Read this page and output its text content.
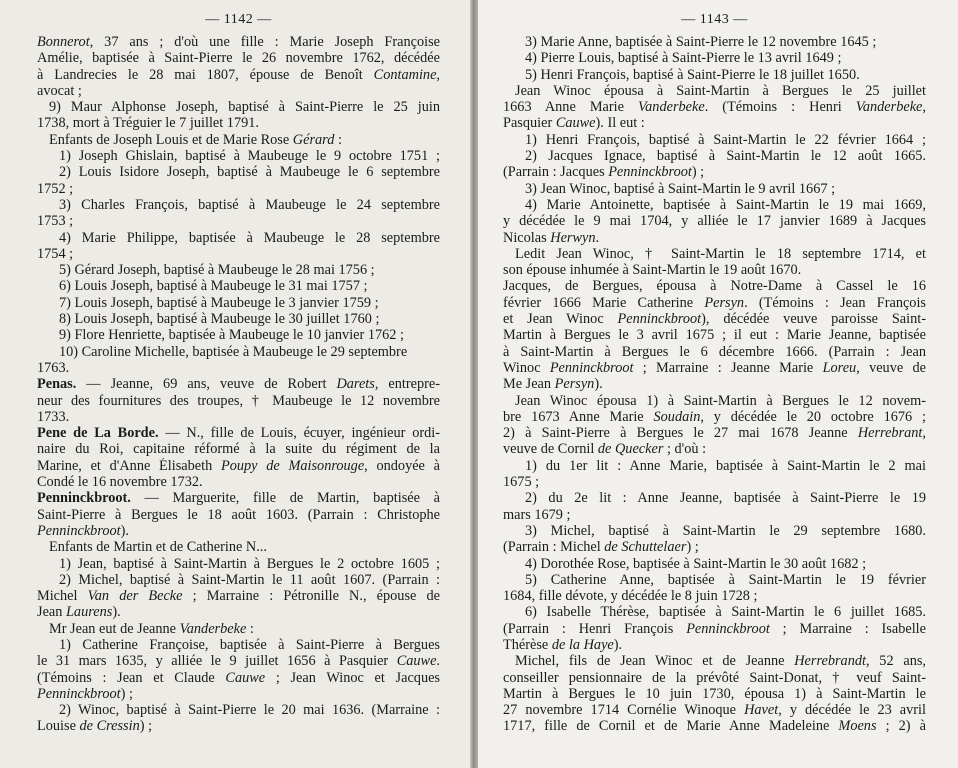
— 1142 —
Bonnerot, 37 ans ; d'où une fille : Marie Joseph Françoise
Amélie, baptisée à Saint-Pierre le 26 novembre 1762, décédée
à Landrecies le 28 mai 1807, épouse de Benoît Contamine,
avocat ;
9) Maur Alphonse Joseph, baptisé à Saint-Pierre le 25 juin
1738, mort à Tréguier le 7 juillet 1791.
Enfants de Joseph Louis et de Marie Rose Gérard :
1) Joseph Ghislain, baptisé à Maubeuge le 9 octobre 1751 ;
2) Louis Isidore Joseph, baptisé à Maubeuge le 6 septembre
1752 ;
3) Charles François, baptisé à Maubeuge le 24 septembre
1753 ;
4) Marie Philippe, baptisée à Maubeuge le 28 septembre
1754 ;
5) Gérard Joseph, baptisé à Maubeuge le 28 mai 1756 ;
6) Louis Joseph, baptisé à Maubeuge le 31 mai 1757 ;
7) Louis Joseph, baptisé à Maubeuge le 3 janvier 1759 ;
8) Louis Joseph, baptisé à Maubeuge le 30 juillet 1760 ;
9) Flore Henriette, baptisée à Maubeuge le 10 janvier 1762 ;
10) Caroline Michelle, baptisée à Maubeuge le 29 septembre
1763.
Penas. — Jeanne, 69 ans, veuve de Robert Darets, entrepre-
neur des fournitures des troupes, † Maubeuge le 12 novembre
1733.
Pene de La Borde. — N., fille de Louis, écuyer, ingénieur ordi-
naire du Roi, capitaine réformé à la suite du régiment de la
Marine, et d'Anne Élisabeth Poupy de Maisonrouge, ondoyée à
Condé le 16 novembre 1732.
Penninckbroot. — Marguerite, fille de Martin, baptisée à
Saint-Pierre à Bergues le 18 août 1603. (Parrain : Christophe
Penninckbroot).
Enfants de Martin et de Catherine N...
1) Jean, baptisé à Saint-Martin à Bergues le 2 octobre 1605 ;
2) Michel, baptisé à Saint-Martin le 11 août 1607. (Parrain :
Michel Van der Becke ; Marraine : Pétronille N., épouse de
Jean Laurens).
Mr Jean eut de Jeanne Vanderbeke :
1) Catherine Françoise, baptisée à Saint-Pierre à Bergues
le 31 mars 1635, y alliée le 9 juillet 1656 à Pasquier Cauwe.
(Témoins : Jean et Claude Cauwe ; Jean Winoc et Jacques
Penninckbroot) ;
2) Winoc, baptisé à Saint-Pierre le 20 mai 1636. (Marraine :
Louise de Cressin) ;
— 1143 —
3) Marie Anne, baptisée à Saint-Pierre le 12 novembre 1645 ;
4) Pierre Louis, baptisé à Saint-Pierre le 13 avril 1649 ;
5) Henri François, baptisé à Saint-Pierre le 18 juillet 1650.
Jean Winoc épousa à Saint-Martin à Bergues le 25 juillet
1663 Anne Marie Vanderbeke. (Témoins : Henri Vanderbeke,
Pasquier Cauwe). Il eut :
1) Henri François, baptisé à Saint-Martin le 22 février 1664 ;
2) Jacques Ignace, baptisé à Saint-Martin le 12 août 1665.
(Parrain : Jacques Penninckbroot) ;
3) Jean Winoc, baptisé à Saint-Martin le 9 avril 1667 ;
4) Marie Antoinette, baptisée à Saint-Martin le 19 mai 1669,
y décédée le 9 mai 1704, y alliée le 17 janvier 1689 à Jacques
Nicolas Herwyn.
Ledit Jean Winoc, † Saint-Martin le 18 septembre 1714, et
son épouse inhumée à Saint-Martin le 19 août 1670.
Jacques, de Bergues, épousa à Notre-Dame à Cassel le 16
février 1666 Marie Catherine Persyn. (Témoins : Jean François
et Jean Winoc Penninckbroot), décédée veuve paroisse Saint-
Martin à Bergues le 3 avril 1675 ; il eut : Marie Jeanne, baptisée
à Saint-Martin à Bergues le 6 décembre 1666. (Parrain : Jean
Winoc Penninckbroot ; Marraine : Jeanne Marie Loreu, veuve de
Me Jean Persyn).
Jean Winoc épousa 1) à Saint-Martin à Bergues le 12 novem-
bre 1673 Anne Marie Soudain, y décédée le 20 octobre 1676 ;
2) à Saint-Pierre à Bergues le 27 mai 1678 Jeanne Herrebrant,
veuve de Cornil de Quecker ; d'où :
1) du 1er lit : Anne Marie, baptisée à Saint-Martin le 2 mai
1675 ;
2) du 2e lit : Anne Jeanne, baptisée à Saint-Pierre le 19
mars 1679 ;
3) Michel, baptisé à Saint-Martin le 29 septembre 1680.
(Parrain : Michel de Schuttelaer) ;
4) Dorothée Rose, baptisée à Saint-Martin le 30 août 1682 ;
5) Catherine Anne, baptisée à Saint-Martin le 19 février
1684, fille dévote, y décédée le 8 juin 1728 ;
6) Isabelle Thérèse, baptisée à Saint-Martin le 6 juillet 1685.
(Parrain : Henri François Penninckbroot ; Marraine : Isabelle
Thérèse de la Haye).
Michel, fils de Jean Winoc et de Jeanne Herrebrandt, 52 ans,
conseiller pensionnaire de la prévôté Saint-Donat, † veuf Saint-
Martin à Bergues le 10 juin 1730, épousa 1) à Saint-Martin le
27 novembre 1714 Cornélie Winoque Havet, y décédée le 23 avril
1717, fille de Cornil et de Marie Anne Madeleine Moens ; 2) à
